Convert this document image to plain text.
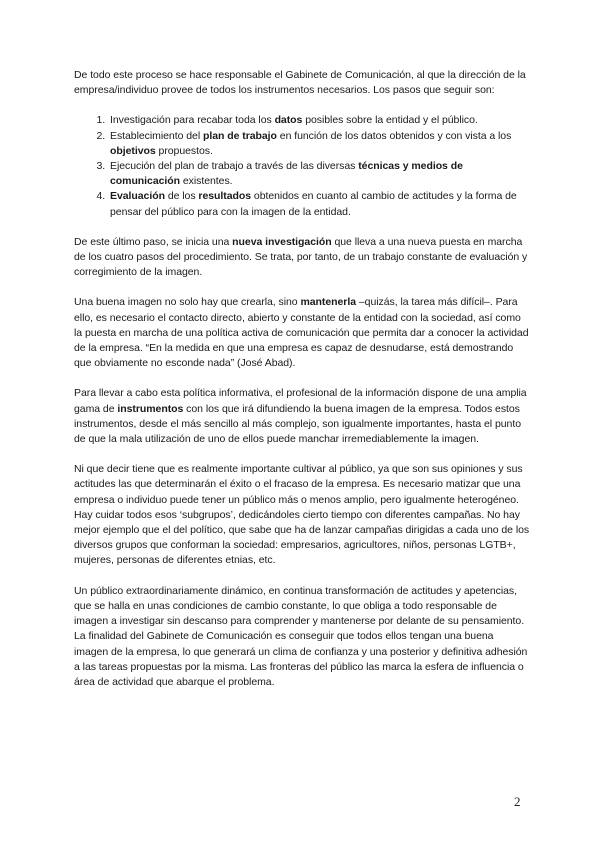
De todo este proceso se hace responsable el Gabinete de Comunicación, al que la dirección de la empresa/individuo provee de todos los instrumentos necesarios. Los pasos que seguir son:

1. Investigación para recabar toda los datos posibles sobre la entidad y el público.
2. Establecimiento del plan de trabajo en función de los datos obtenidos y con vista a los objetivos propuestos.
3. Ejecución del plan de trabajo a través de las diversas técnicas y medios de comunicación existentes.
4. Evaluación de los resultados obtenidos en cuanto al cambio de actitudes y la forma de pensar del público para con la imagen de la entidad.

De este último paso, se inicia una nueva investigación que lleva a una nueva puesta en marcha de los cuatro pasos del procedimiento. Se trata, por tanto, de un trabajo constante de evaluación y corregimiento de la imagen.

Una buena imagen no solo hay que crearla, sino mantenerla –quizás, la tarea más difícil–. Para ello, es necesario el contacto directo, abierto y constante de la entidad con la sociedad, así como la puesta en marcha de una política activa de comunicación que permita dar a conocer la actividad de la empresa. “En la medida en que una empresa es capaz de desnudarse, está demostrando que obviamente no esconde nada” (José Abad).

Para llevar a cabo esta política informativa, el profesional de la información dispone de una amplia gama de instrumentos con los que irá difundiendo la buena imagen de la empresa. Todos estos instrumentos, desde el más sencillo al más complejo, son igualmente importantes, hasta el punto de que la mala utilización de uno de ellos puede manchar irremediablemente la imagen.

Ni que decir tiene que es realmente importante cultivar al público, ya que son sus opiniones y sus actitudes las que determinarán el éxito o el fracaso de la empresa. Es necesario matizar que una empresa o individuo puede tener un público más o menos amplio, pero igualmente heterogéneo. Hay cuidar todos esos ‘subgrupos’, dedicándoles cierto tiempo con diferentes campañas. No hay mejor ejemplo que el del político, que sabe que ha de lanzar campañas dirigidas a cada uno de los diversos grupos que conforman la sociedad: empresarios, agricultores, niños, personas LGTB+, mujeres, personas de diferentes etnias, etc.

Un público extraordinariamente dinámico, en continua transformación de actitudes y apetencias, que se halla en unas condiciones de cambio constante, lo que obliga a todo responsable de imagen a investigar sin descanso para comprender y mantenerse por delante de su pensamiento. La finalidad del Gabinete de Comunicación es conseguir que todos ellos tengan una buena imagen de la empresa, lo que generará un clima de confianza y una posterior y definitiva adhesión a las tareas propuestas por la misma. Las fronteras del público las marca la esfera de influencia o área de actividad que abarque el problema.

2
